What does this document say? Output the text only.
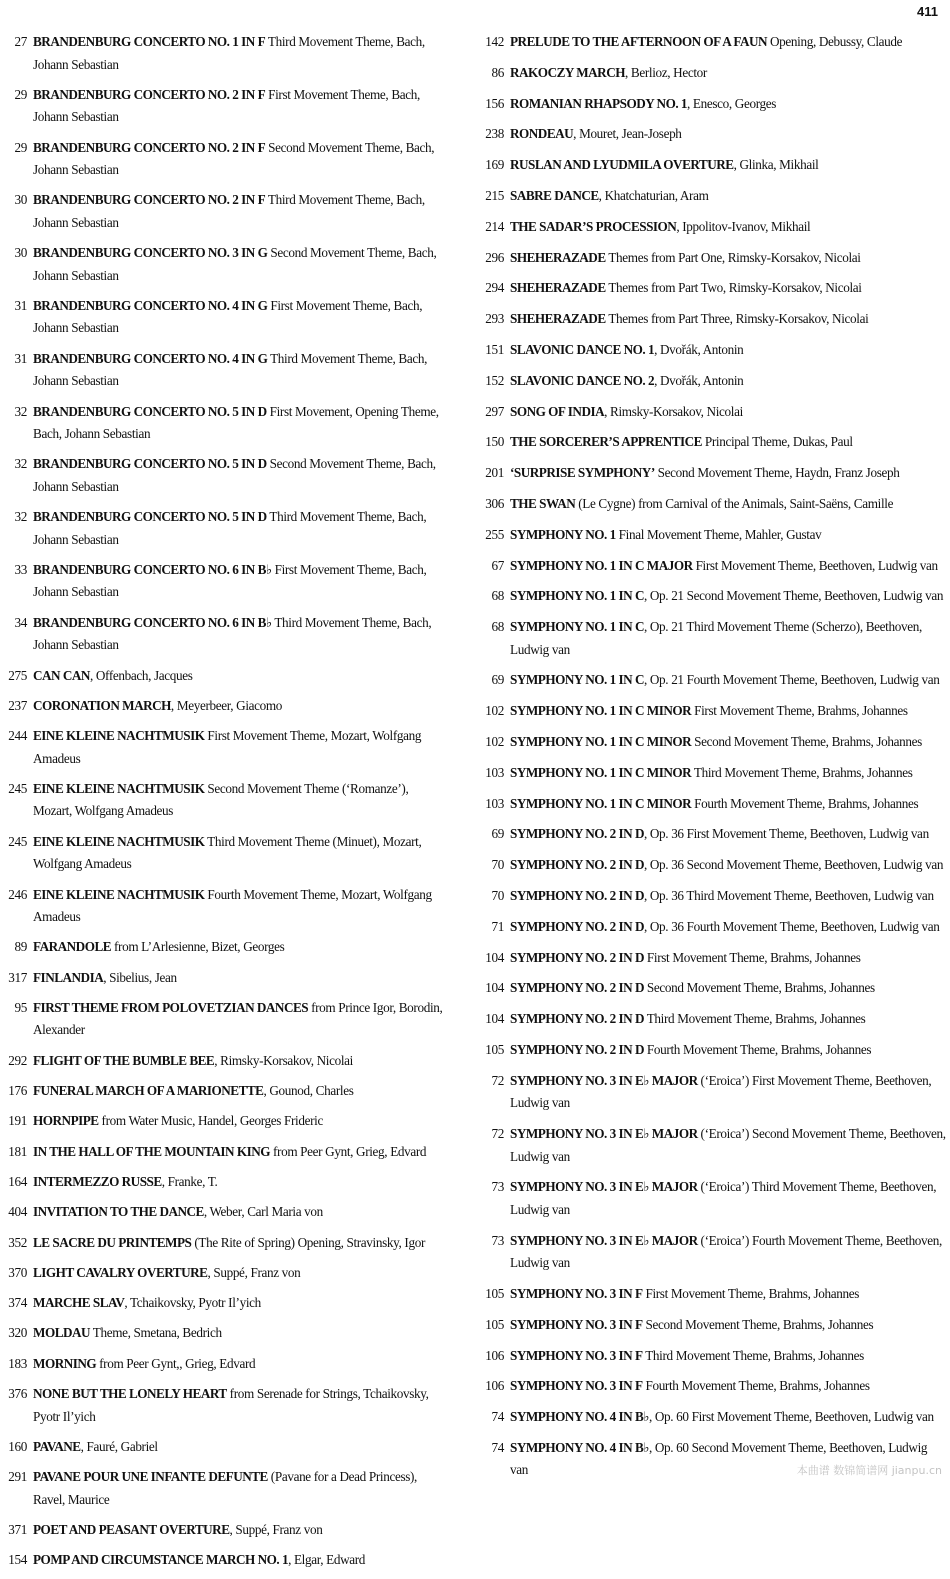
411
27 BRANDENBURG CONCERTO NO. 1 IN F Third Movement Theme, Bach, Johann Sebastian
29 BRANDENBURG CONCERTO NO. 2 IN F First Movement Theme, Bach, Johann Sebastian
29 BRANDENBURG CONCERTO NO. 2 IN F Second Movement Theme, Bach, Johann Sebastian
30 BRANDENBURG CONCERTO NO. 2 IN F Third Movement Theme, Bach, Johann Sebastian
30 BRANDENBURG CONCERTO NO. 3 IN G Second Movement Theme, Bach, Johann Sebastian
31 BRANDENBURG CONCERTO NO. 4 IN G First Movement Theme, Bach, Johann Sebastian
31 BRANDENBURG CONCERTO NO. 4 IN G Third Movement Theme, Bach, Johann Sebastian
32 BRANDENBURG CONCERTO NO. 5 IN D First Movement, Opening Theme, Bach, Johann Sebastian
32 BRANDENBURG CONCERTO NO. 5 IN D Second Movement Theme, Bach, Johann Sebastian
32 BRANDENBURG CONCERTO NO. 5 IN D Third Movement Theme, Bach, Johann Sebastian
33 BRANDENBURG CONCERTO NO. 6 IN B♭ First Movement Theme, Bach, Johann Sebastian
34 BRANDENBURG CONCERTO NO. 6 IN B♭ Third Movement Theme, Bach, Johann Sebastian
275 CAN CAN, Offenbach, Jacques
237 CORONATION MARCH, Meyerbeer, Giacomo
244 EINE KLEINE NACHTMUSIK First Movement Theme, Mozart, Wolfgang Amadeus
245 EINE KLEINE NACHTMUSIK Second Movement Theme (‘Romanze’), Mozart, Wolfgang Amadeus
245 EINE KLEINE NACHTMUSIK Third Movement Theme (Minuet), Mozart, Wolfgang Amadeus
246 EINE KLEINE NACHTMUSIK Fourth Movement Theme, Mozart, Wolfgang Amadeus
89 FARANDOLE from L’Arlesienne, Bizet, Georges
317 FINLANDIA, Sibelius, Jean
95 FIRST THEME FROM POLOVETZIAN DANCES from Prince Igor, Borodin, Alexander
292 FLIGHT OF THE BUMBLE BEE, Rimsky-Korsakov, Nicolai
176 FUNERAL MARCH OF A MARIONETTE, Gounod, Charles
191 HORNPIPE from Water Music, Handel, Georges Frideric
181 IN THE HALL OF THE MOUNTAIN KING from Peer Gynt, Grieg, Edvard
164 INTERMEZZO RUSSE, Franke, T.
404 INVITATION TO THE DANCE, Weber, Carl Maria von
352 LE SACRE DU PRINTEMPS (The Rite of Spring) Opening, Stravinsky, Igor
370 LIGHT CAVALRY OVERTURE, Suppé, Franz von
374 MARCHE SLAV, Tchaikovsky, Pyotr Il’yich
320 MOLDAU Theme, Smetana, Bedrich
183 MORNING from Peer Gynt,, Grieg, Edvard
376 NONE BUT THE LONELY HEART from Serenade for Strings, Tchaikovsky, Pyotr Il’yich
160 PAVANE, Fauré, Gabriel
291 PAVANE POUR UNE INFANTE DEFUNTE (Pavane for a Dead Princess), Ravel, Maurice
371 POET AND PEASANT OVERTURE, Suppé, Franz von
154 POMP AND CIRCUMSTANCE MARCH NO. 1, Elgar, Edward
142 PRELUDE TO THE AFTERNOON OF A FAUN Opening, Debussy, Claude
86 RAKOCZY MARCH, Berlioz, Hector
156 ROMANIAN RHAPSODY NO. 1, Enesco, Georges
238 RONDEAU, Mouret, Jean-Joseph
169 RUSLAN AND LYUDMILA OVERTURE, Glinka, Mikhail
215 SABRE DANCE, Khatchaturian, Aram
214 THE SADAR’S PROCESSION, Ippolitov-Ivanov, Mikhail
296 SHEHERAZADE Themes from Part One, Rimsky-Korsakov, Nicolai
294 SHEHERAZADE Themes from Part Two, Rimsky-Korsakov, Nicolai
293 SHEHERAZADE Themes from Part Three, Rimsky-Korsakov, Nicolai
151 SLAVONIC DANCE NO. 1, Dvořák, Antonin
152 SLAVONIC DANCE NO. 2, Dvořák, Antonin
297 SONG OF INDIA, Rimsky-Korsakov, Nicolai
150 THE SORCERER’S APPRENTICE Principal Theme, Dukas, Paul
201 ‘SURPRISE SYMPHONY’ Second Movement Theme, Haydn, Franz Joseph
306 THE SWAN (Le Cygne) from Carnival of the Animals, Saint-Saëns, Camille
255 SYMPHONY NO. 1 Final Movement Theme, Mahler, Gustav
67 SYMPHONY NO. 1 IN C MAJOR First Movement Theme, Beethoven, Ludwig van
68 SYMPHONY NO. 1 IN C, Op. 21 Second Movement Theme, Beethoven, Ludwig van
68 SYMPHONY NO. 1 IN C, Op. 21 Third Movement Theme (Scherzo), Beethoven, Ludwig van
69 SYMPHONY NO. 1 IN C, Op. 21 Fourth Movement Theme, Beethoven, Ludwig van
102 SYMPHONY NO. 1 IN C MINOR First Movement Theme, Brahms, Johannes
102 SYMPHONY NO. 1 IN C MINOR Second Movement Theme, Brahms, Johannes
103 SYMPHONY NO. 1 IN C MINOR Third Movement Theme, Brahms, Johannes
103 SYMPHONY NO. 1 IN C MINOR Fourth Movement Theme, Brahms, Johannes
69 SYMPHONY NO. 2 IN D, Op. 36 First Movement Theme, Beethoven, Ludwig van
70 SYMPHONY NO. 2 IN D, Op. 36 Second Movement Theme, Beethoven, Ludwig van
70 SYMPHONY NO. 2 IN D, Op. 36 Third Movement Theme, Beethoven, Ludwig van
71 SYMPHONY NO. 2 IN D, Op. 36 Fourth Movement Theme, Beethoven, Ludwig van
104 SYMPHONY NO. 2 IN D First Movement Theme, Brahms, Johannes
104 SYMPHONY NO. 2 IN D Second Movement Theme, Brahms, Johannes
104 SYMPHONY NO. 2 IN D Third Movement Theme, Brahms, Johannes
105 SYMPHONY NO. 2 IN D Fourth Movement Theme, Brahms, Johannes
72 SYMPHONY NO. 3 IN E♭ MAJOR (‘Eroica’) First Movement Theme, Beethoven, Ludwig van
72 SYMPHONY NO. 3 IN E♭ MAJOR (‘Eroica’) Second Movement Theme, Beethoven, Ludwig van
73 SYMPHONY NO. 3 IN E♭ MAJOR (‘Eroica’) Third Movement Theme, Beethoven, Ludwig van
73 SYMPHONY NO. 3 IN E♭ MAJOR (‘Eroica’) Fourth Movement Theme, Beethoven, Ludwig van
105 SYMPHONY NO. 3 IN F First Movement Theme, Brahms, Johannes
105 SYMPHONY NO. 3 IN F Second Movement Theme, Brahms, Johannes
106 SYMPHONY NO. 3 IN F Third Movement Theme, Brahms, Johannes
106 SYMPHONY NO. 3 IN F Fourth Movement Theme, Brahms, Johannes
74 SYMPHONY NO. 4 IN B♭, Op. 60 First Movement Theme, Beethoven, Ludwig van
74 SYMPHONY NO. 4 IN B♭, Op. 60 Second Movement Theme, Beethoven, Ludwig van	本曲谱 数锦简谱网 jianpu.cn
